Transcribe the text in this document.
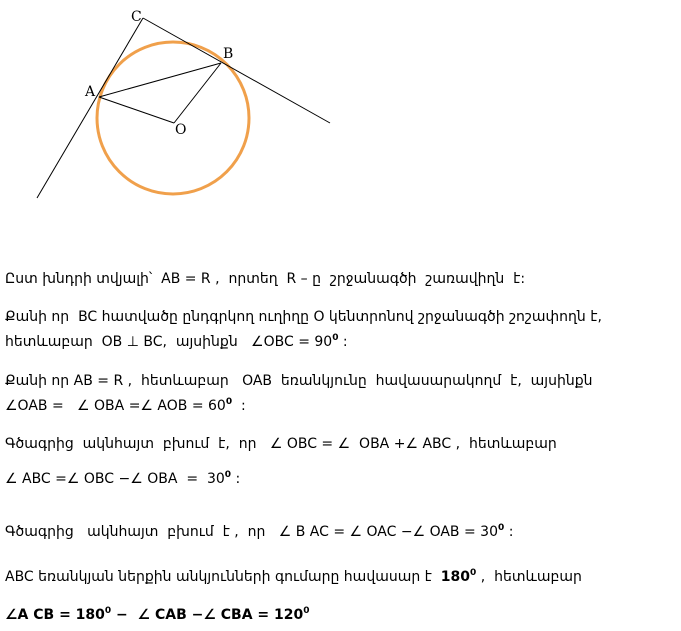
C
B
A
O
Ըստ խնդրի տվյալի՝  AB = R ,  որտեղ  R – ը  շրջանագծի  շառավիղն  է:
Քանի որ  BC հատվածը ընդգրկող ուղիղը O կենտրոնով շրջանագծի շոշափողն է,
հետևաբար  OB ⊥ BC,  այսինքն   ∠OBC = $90^0$ :
Քանի որ AB = R ,  հետևաբար   OAB  եռանկյունը  հավասարակողմ  է,  այսինքն
∠OAB =   ∠ OBA =∠ AOB = $60^0$  :
Գծագրից  ակնհայտ  բխում  է,  որ   ∠ OBC = ∠  OBA +∠ ABC ,  հետևաբար
∠ ABC =∠ OBC −∠ OBA  =  $30^0$ :
Գծագրից   ակնհայտ  բխում  է ,  որ   ∠ B AC = ∠ OAC −∠ OAB = $30^0$ :
ABC եռանկյան ներքին անկյունների գումարը հավասար է  $180^0$ ,  հետևաբար
∠A CB = $180^0$ −  ∠ CAB −∠ CBA = $120^0$
